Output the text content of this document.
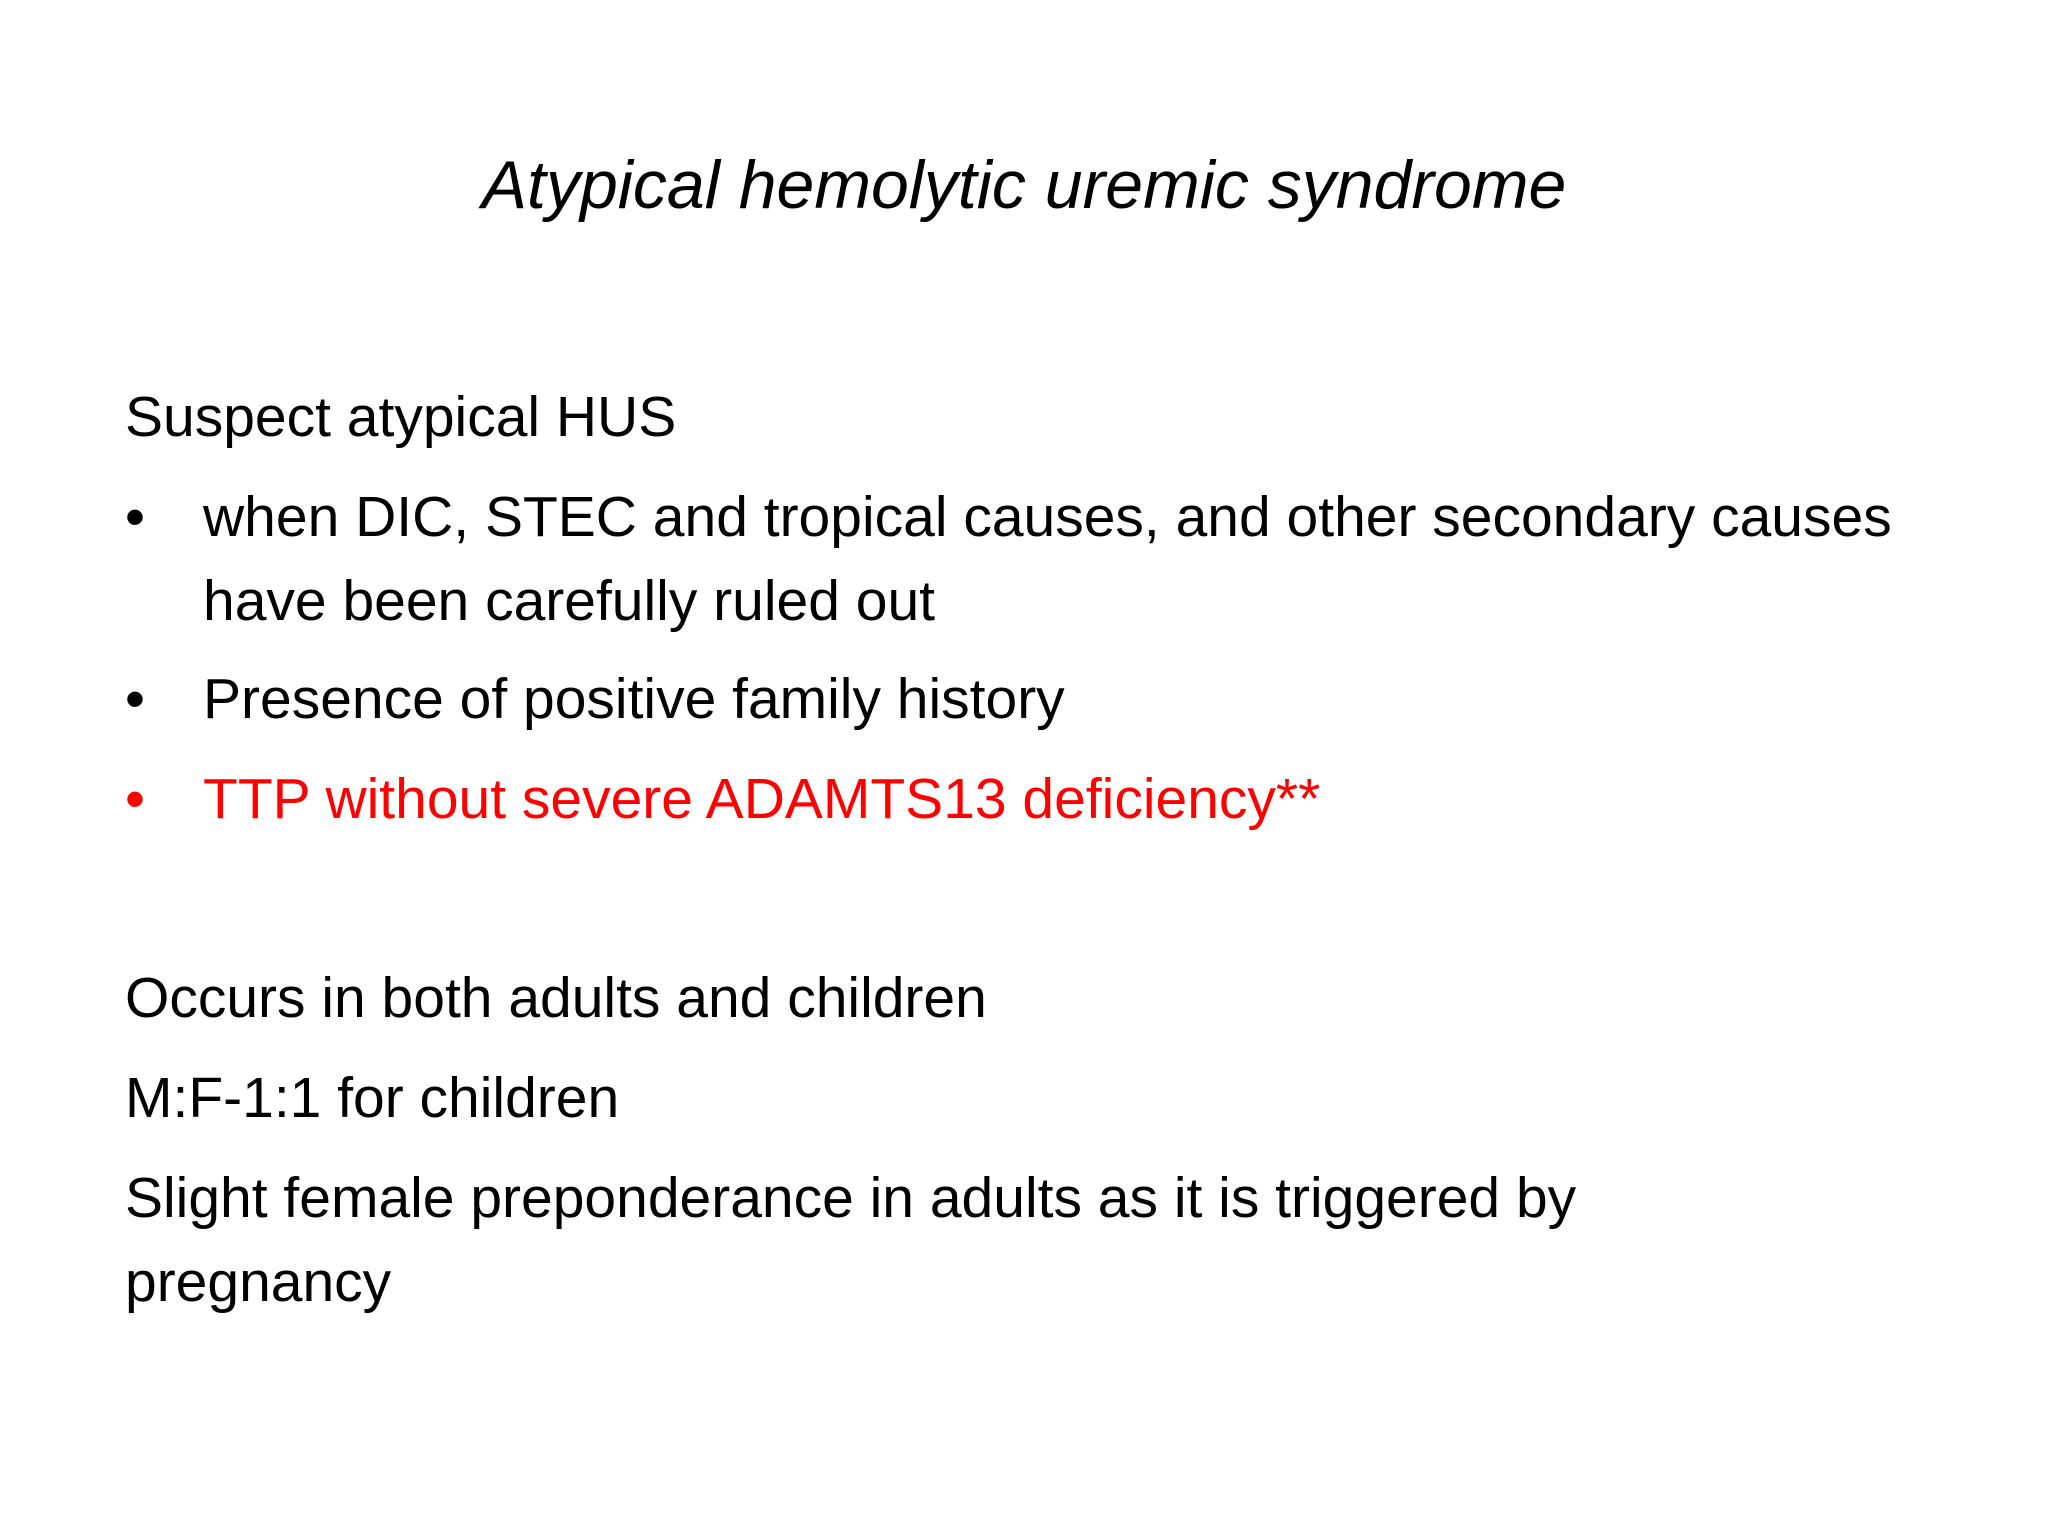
Atypical hemolytic uremic syndrome
Suspect atypical HUS
•	when DIC, STEC and tropical causes, and other secondary causes have been carefully ruled out
•	Presence of positive family history
•	TTP without severe ADAMTS13 deficiency**
Occurs in both adults and children
M:F-1:1 for children
Slight female preponderance in adults as it is triggered by pregnancy
